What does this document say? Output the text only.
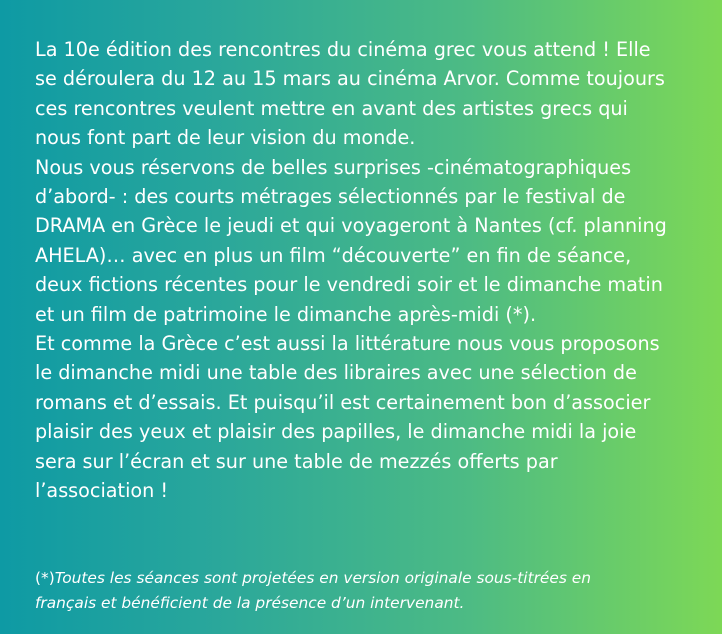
La 10e édition des rencontres du cinéma grec vous attend ! Elle
se déroulera du 12 au 15 mars au cinéma Arvor. Comme toujours
ces rencontres veulent mettre en avant des artistes grecs qui
nous font part de leur vision du monde.

Nous vous réservons de belles surprises -cinématographiques
d’abord- : des courts métrages sélectionnés par le festival de
DRAMA en Grèce le jeudi et qui voyageront à Nantes (cf. planning
AHELA)… avec en plus un film “découverte” en fin de séance,
deux fictions récentes pour le vendredi soir et le dimanche matin
et un film de patrimoine le dimanche après-midi (*).

Et comme la Grèce c’est aussi la littérature nous vous proposons
le dimanche midi une table des libraires avec une sélection de
romans et d’essais. Et puisqu’il est certainement bon d’associer
plaisir des yeux et plaisir des papilles, le dimanche midi la joie
sera sur l’écran et sur une table de mezzés offerts par
l’association !

(*)Toutes les séances sont projetées en version originale sous-titrées en
français et bénéficient de la présence d’un intervenant.
